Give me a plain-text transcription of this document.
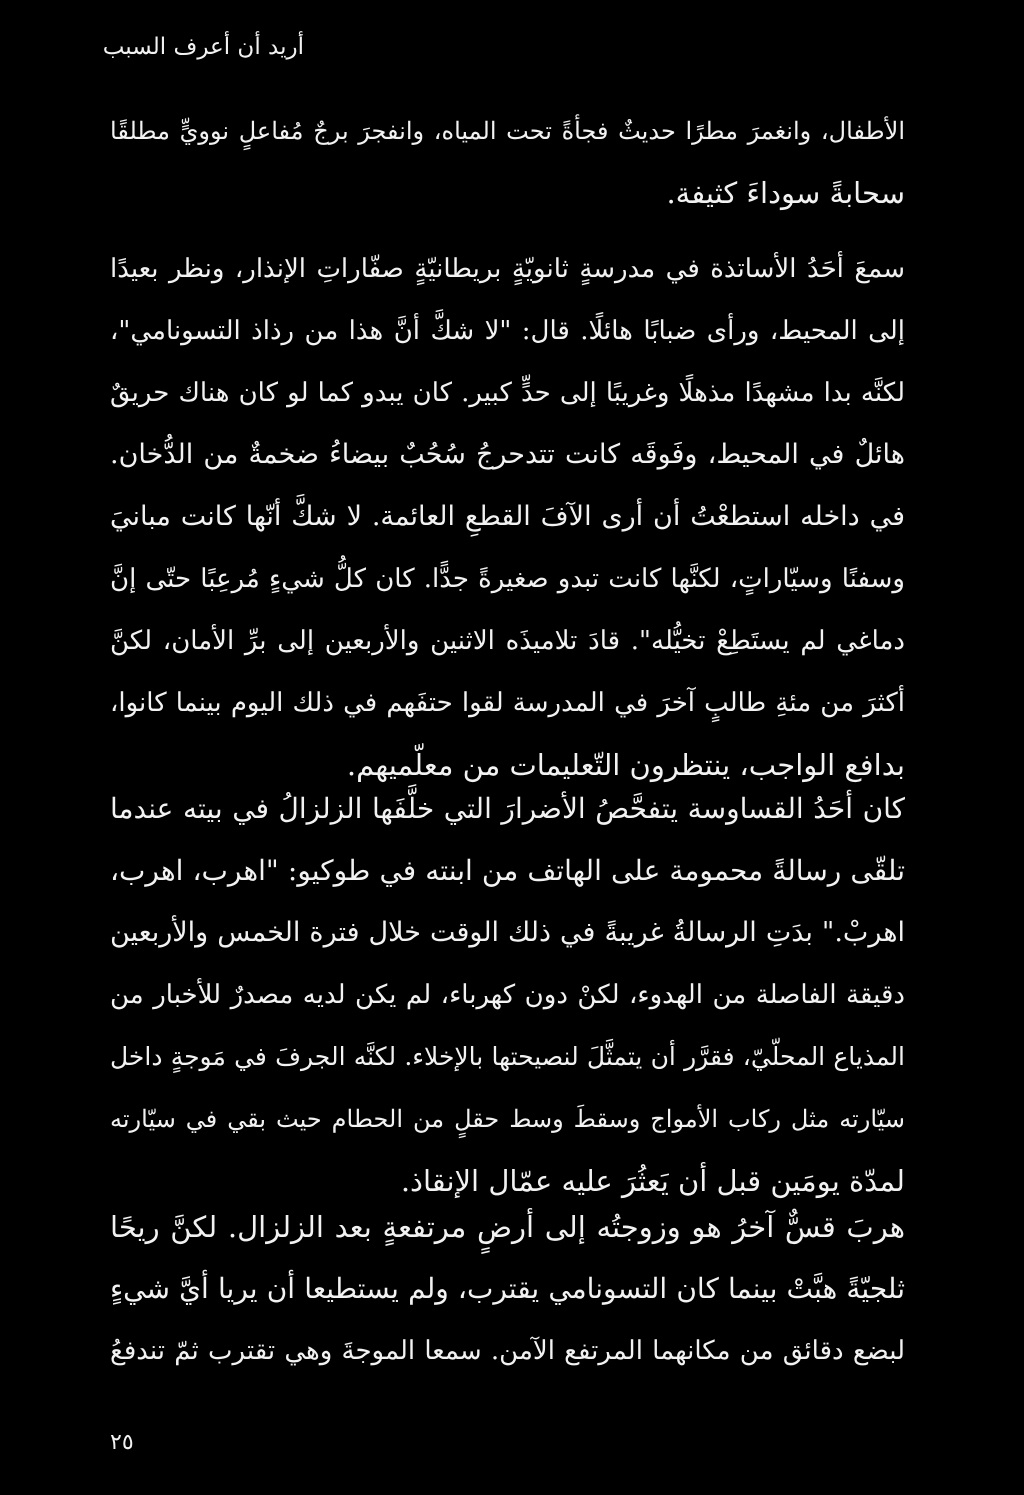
أريد أن أعرف السبب
الأطفال، وانغمرَ مطرًا حديثٌ فجأةً تحت المياه، وانفجرَ برجٌ مُفاعلٍ نوويٍّ مطلقًا
سحابةً سوداءَ كثيفة.
سمعَ أحَدُ الأساتذة في مدرسةٍ ثانويّةٍ بريطانيّةٍ صفّاراتِ الإنذار، ونظر بعيدًا
إلى المحيط، ورأى ضبابًا هائلًا. قال: "لا شكَّ أنَّ هذا من رذاذ التسونامي"،
لكنَّه بدا مشهدًا مذهلًا وغريبًا إلى حدٍّ كبير. كان يبدو كما لو كان هناك حريقٌ
هائلٌ في المحيط، وفَوقَه كانت تتدحرجُ سُحُبٌ بيضاءُ ضخمةٌ من الدُّخان.
في داخله استطعْتُ أن أرى الآفَ القطعِ العائمة. لا شكَّ أنّها كانت مبانيَ
وسفنًا وسيّاراتٍ، لكنَّها كانت تبدو صغيرةً جدًّا. كان كلُّ شيءٍ مُرعِبًا حتّى إنَّ
دماغي لم يستَطِعْ تخيُّله". قادَ تلاميذَه الاثنين والأربعين إلى برِّ الأمان، لكنَّ
أكثرَ من مئةِ طالبٍ آخرَ في المدرسة لقوا حتفَهم في ذلك اليوم بينما كانوا،
بدافع الواجب، ينتظرون التّعليمات من معلّميهم.
كان أحَدُ القساوسة يتفحَّصُ الأضرارَ التي خلَّفَها الزلزالُ في بيته عندما
تلقّى رسالةً محمومة على الهاتف من ابنته في طوكيو: "اهرب، اهرب،
اهربْ." بدَتِ الرسالةُ غريبةً في ذلك الوقت خلال فترة الخمس والأربعين
دقيقة الفاصلة من الهدوء، لكنْ دون كهرباء، لم يكن لديه مصدرٌ للأخبار من
المذياع المحلّيّ، فقرَّر أن يتمثَّلَ لنصيحتها بالإخلاء. لكنَّه الجرفَ في مَوجةٍ داخل
سيّارته مثل ركاب الأمواج وسقطَ وسط حقلٍ من الحطام حيث بقي في سيّارته
لمدّة يومَين قبل أن يَعثُرَ عليه عمّال الإنقاذ.
هربَ قسٌّ آخرُ هو وزوجتُه إلى أرضٍ مرتفعةٍ بعد الزلزال. لكنَّ ريحًا
ثلجيّةً هبَّتْ بينما كان التسونامي يقترب، ولم يستطيعا أن يريا أيَّ شيءٍ
لبضع دقائق من مكانهما المرتفع الآمن. سمعا الموجةَ وهي تقترب ثمّ تندفعُ
٢٥
